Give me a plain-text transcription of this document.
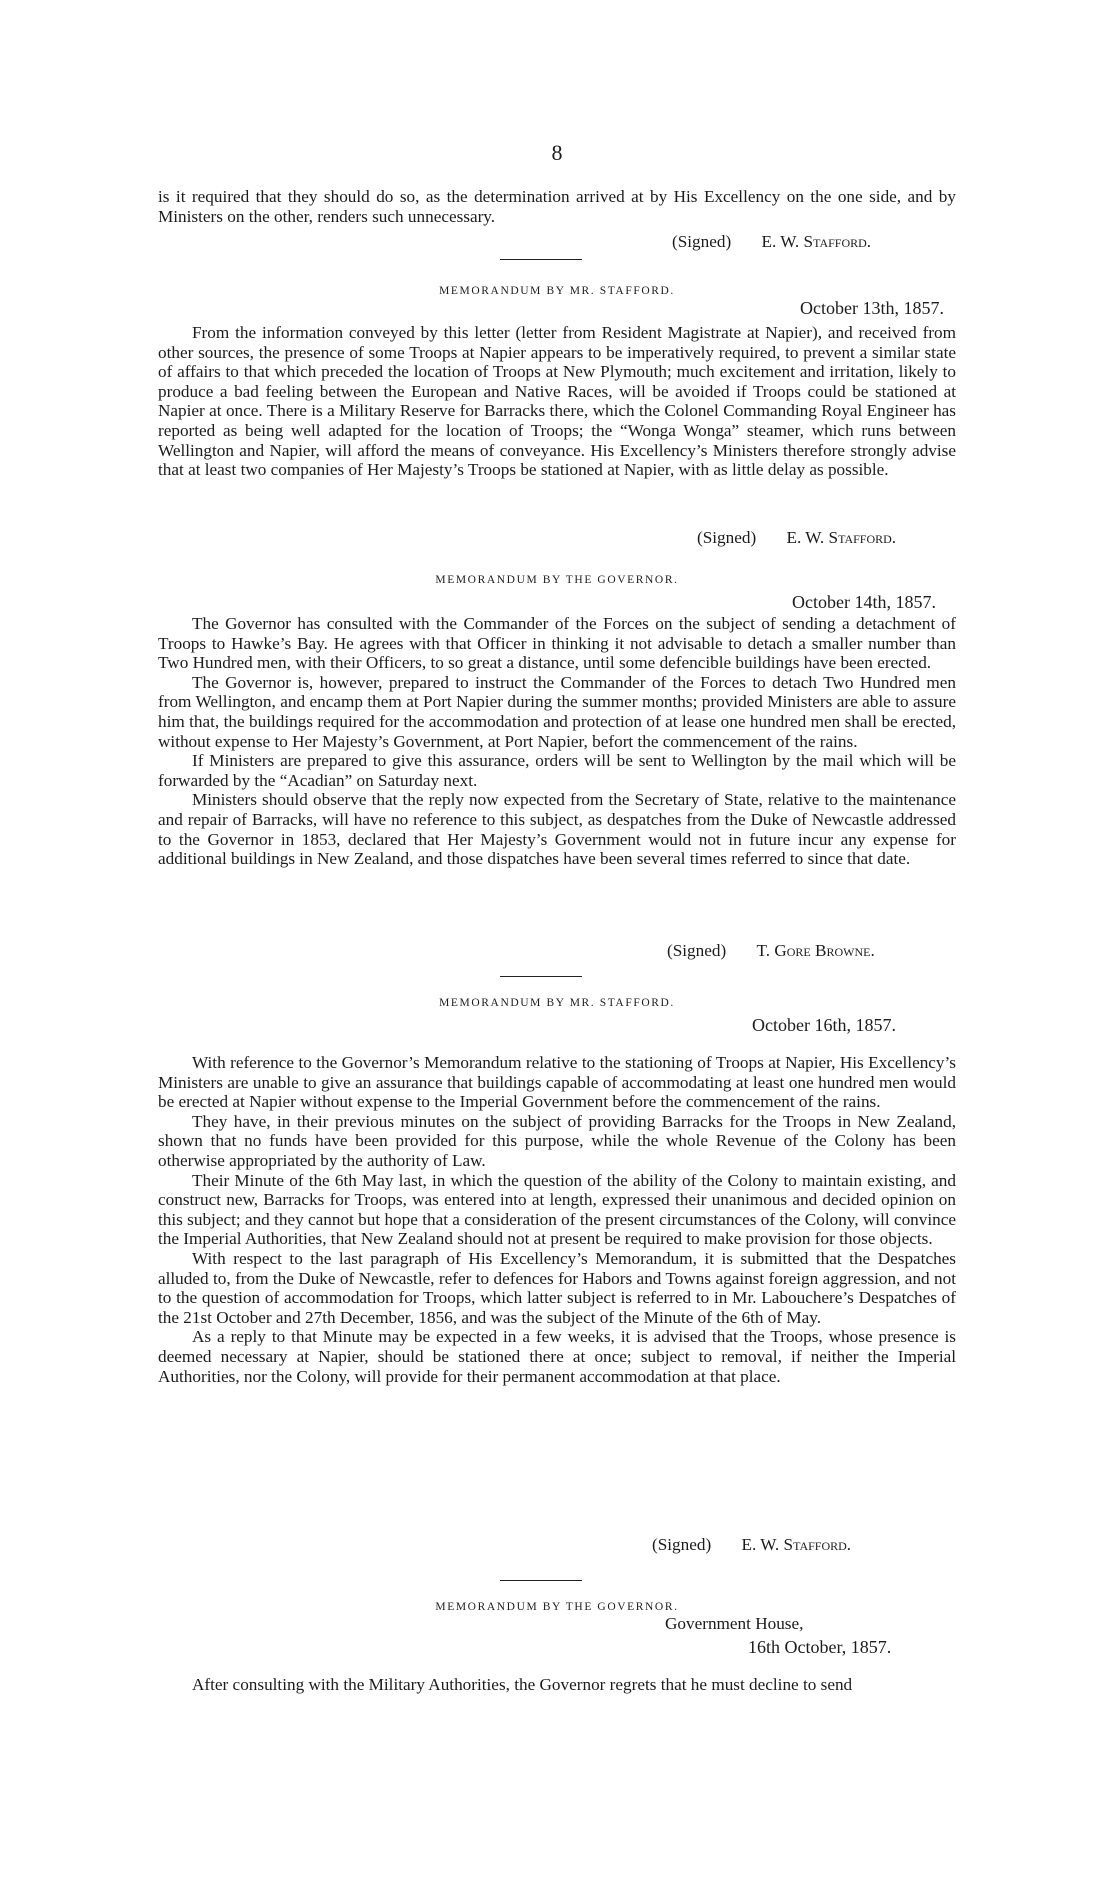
8

is it required that they should do so, as the determination arrived at by His Excellency on the one side, and by Ministers on the other, renders such unnecessary.

(Signed) E. W. Stafford.
MEMORANDUM BY MR. STAFFORD.
October 13th, 1857.

From the information conveyed by this letter (letter from Resident Magistrate at Napier), and received from other sources, the presence of some Troops at Napier appears to be imperatively required, to prevent a similar state of affairs to that which preceded the location of Troops at New Plymouth; much excitement and irritation, likely to produce a bad feeling between the European and Native Races, will be avoided if Troops could be stationed at Napier at once. There is a Military Reserve for Barracks there, which the Colonel Commanding Royal Engineer has reported as being well adapted for the location of Troops; the “Wonga Wonga” steamer, which runs between Wellington and Napier, will afford the means of conveyance. His Excellency’s Ministers therefore strongly advise that at least two companies of Her Majesty’s Troops be stationed at Napier, with as little delay as possible.

(Signed) E. W. Stafford.
MEMORANDUM BY THE GOVERNOR.
October 14th, 1857.

The Governor has consulted with the Commander of the Forces on the subject of sending a detachment of Troops to Hawke’s Bay. He agrees with that Officer in thinking it not advisable to detach a smaller number than Two Hundred men, with their Officers, to so great a distance, until some defencible buildings have been erected.

The Governor is, however, prepared to instruct the Commander of the Forces to detach Two Hundred men from Wellington, and encamp them at Port Napier during the summer months; provided Ministers are able to assure him that, the buildings required for the accommodation and protection of at lease one hundred men shall be erected, without expense to Her Majesty’s Government, at Port Napier, befort the commencement of the rains.

If Ministers are prepared to give this assurance, orders will be sent to Wellington by the mail which will be forwarded by the “Acadian” on Saturday next.

Ministers should observe that the reply now expected from the Secretary of State, relative to the maintenance and repair of Barracks, will have no reference to this subject, as despatches from the Duke of Newcastle addressed to the Governor in 1853, declared that Her Majesty’s Government would not in future incur any expense for additional buildings in New Zealand, and those dispatches have been several times referred to since that date.

(Signed) T. Gore Browne.
MEMORANDUM BY MR. STAFFORD.
October 16th, 1857.

With reference to the Governor’s Memorandum relative to the stationing of Troops at Napier, His Excellency’s Ministers are unable to give an assurance that buildings capable of accommodating at least one hundred men would be erected at Napier without expense to the Imperial Government before the commencement of the rains.

They have, in their previous minutes on the subject of providing Barracks for the Troops in New Zealand, shown that no funds have been provided for this purpose, while the whole Revenue of the Colony has been otherwise appropriated by the authority of Law.

Their Minute of the 6th May last, in which the question of the ability of the Colony to maintain existing, and construct new, Barracks for Troops, was entered into at length, expressed their unanimous and decided opinion on this subject; and they cannot but hope that a consideration of the present circumstances of the Colony, will convince the Imperial Authorities, that New Zealand should not at present be required to make provision for those objects.

With respect to the last paragraph of His Excellency’s Memorandum, it is submitted that the Despatches alluded to, from the Duke of Newcastle, refer to defences for Habors and Towns against foreign aggression, and not to the question of accommodation for Troops, which latter subject is referred to in Mr. Labouchere’s Despatches of the 21st October and 27th December, 1856, and was the subject of the Minute of the 6th of May.

As a reply to that Minute may be expected in a few weeks, it is advised that the Troops, whose presence is deemed necessary at Napier, should be stationed there at once; subject to removal, if neither the Imperial Authorities, nor the Colony, will provide for their permanent accommodation at that place.

(Signed) E. W. Stafford.
MEMORANDUM BY THE GOVERNOR.
Government House,
16th October, 1857.

After consulting with the Military Authorities, the Governor regrets that he must decline to send
